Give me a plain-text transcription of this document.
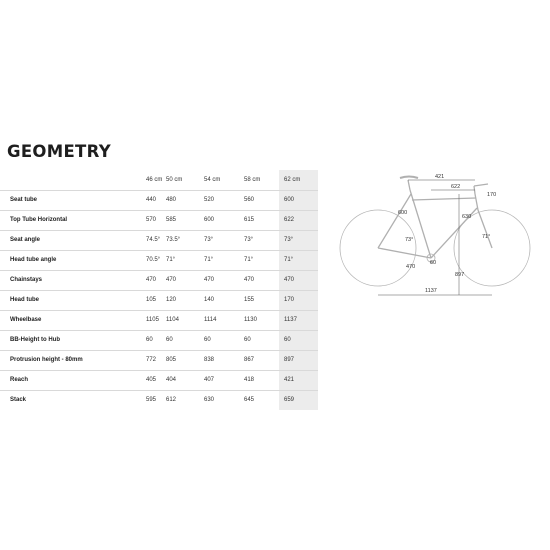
GEOMETRY
46 cm 50 cm	54 cm	58 cm	62 cm
Seat tube	440 480	520	560	600
Top Tube Horizontal	570 585	600	615	622
Seat angle	74.5° 73.5°	73°	73°	73°
Head tube angle	70.5° 71°	71°	71°	71°
Chainstays	470 470	470	470	470
Head tube	105 120	140	155	170
Wheelbase	1105 1104	1114	1130	1137
BB-Height to Hub	60 60	60	60	60
Protrusion height - 80mm	772 805	838	867	897
Reach	405 404	407	418	421
Stack	595 612	630	645	659
421
622
170
600
630
73°	71°
470
60
897
1137
